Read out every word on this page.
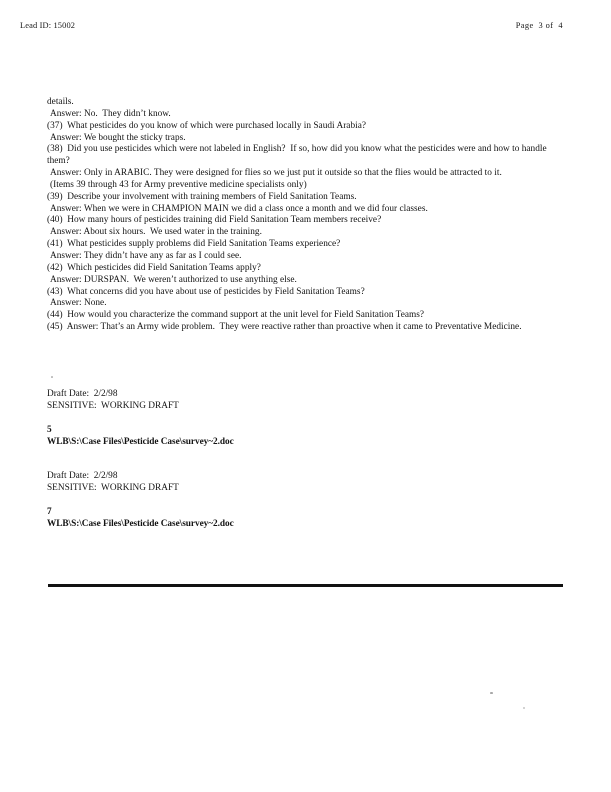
Lead ID: 15002	Page  3 of  4
details.
Answer: No.  They didn’t know.
(37)  What pesticides do you know of which were purchased locally in Saudi Arabia?
Answer: We bought the sticky traps.
(38)  Did you use pesticides which were not labeled in English?  If so, how did you know what the pesticides were and how to handle them?
Answer: Only in ARABIC. They were designed for flies so we just put it outside so that the flies would be attracted to it.
(Items 39 through 43 for Army preventive medicine specialists only)
(39)  Describe your involvement with training members of Field Sanitation Teams.
Answer: When we were in CHAMPION MAIN we did a class once a month and we did four classes.
(40)  How many hours of pesticides training did Field Sanitation Team members receive?
Answer: About six hours.  We used water in the training.
(41)  What pesticides supply problems did Field Sanitation Teams experience?
Answer: They didn’t have any as far as I could see.
(42)  Which pesticides did Field Sanitation Teams apply?
Answer: DURSPAN.  We weren’t authorized to use anything else.
(43)  What concerns did you have about use of pesticides by Field Sanitation Teams?
Answer: None.
(44)  How would you characterize the command support at the unit level for Field Sanitation Teams?
(45)  Answer: That’s an Army wide problem.  They were reactive rather than proactive when it came to Preventative Medicine.
Draft Date:  2/2/98
SENSITIVE:  WORKING DRAFT
5
WLB\S:\Case Files\Pesticide Case\survey~2.doc
Draft Date:  2/2/98
SENSITIVE:  WORKING DRAFT
7
WLB\S:\Case Files\Pesticide Case\survey~2.doc
